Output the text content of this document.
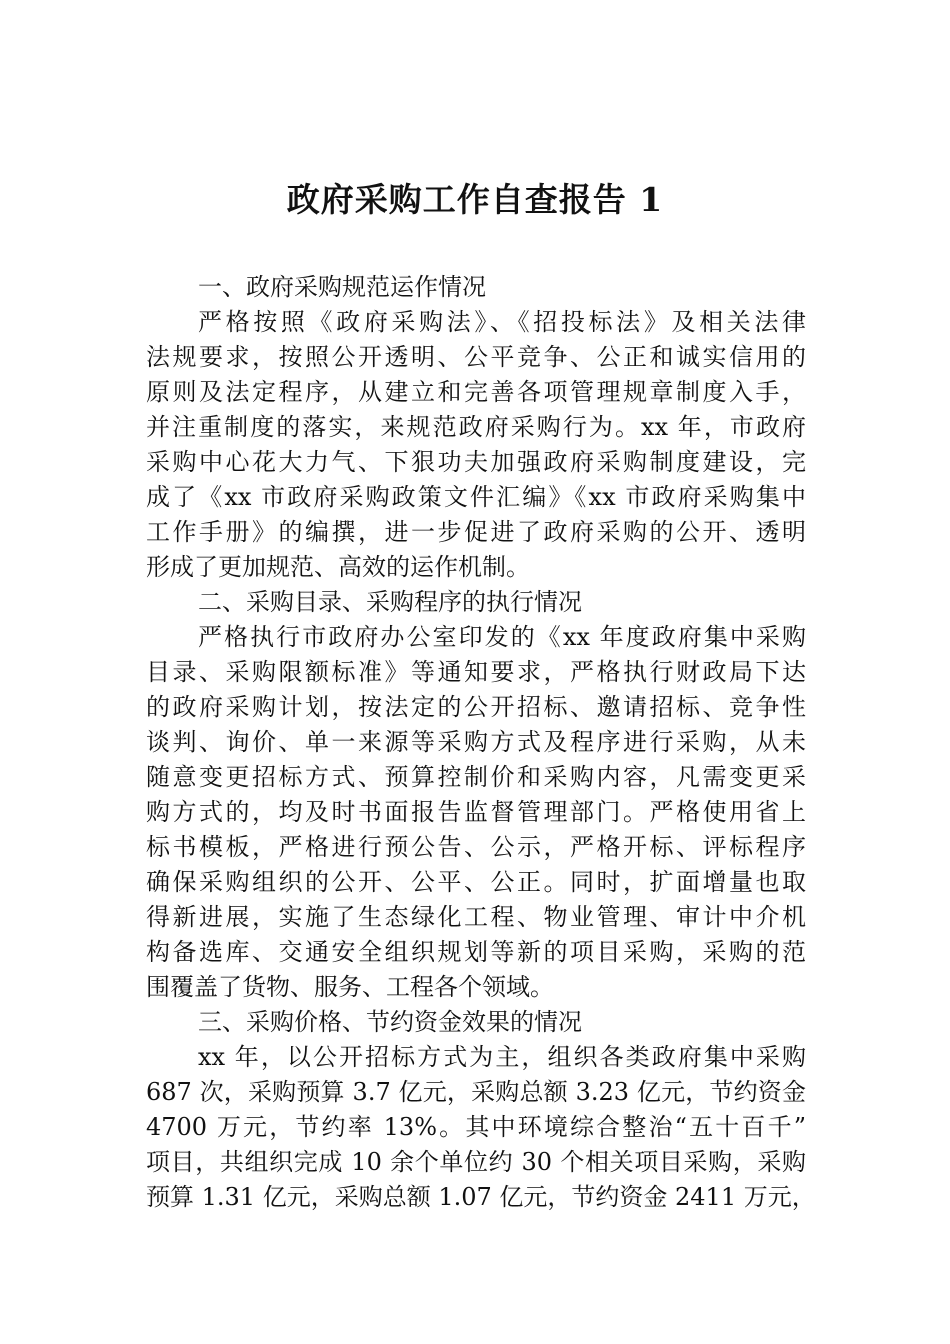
政府采购工作自查报告 1
一、政府采购规范运作情况
严格按照《政府采购法》、《招投标法》及相关法律
法规要求，按照公开透明、公平竞争、公正和诚实信用的
原则及法定程序，从建立和完善各项管理规章制度入手，
并注重制度的落实，来规范政府采购行为。xx 年，市政府
采购中心花大力气、下狠功夫加强政府采购制度建设，完
成了《xx 市政府采购政策文件汇编》《xx 市政府采购集中
工作手册》的编撰，进一步促进了政府采购的公开、透明
形成了更加规范、高效的运作机制。
二、采购目录、采购程序的执行情况
严格执行市政府办公室印发的《xx 年度政府集中采购
目录、采购限额标准》等通知要求，严格执行财政局下达
的政府采购计划，按法定的公开招标、邀请招标、竞争性
谈判、询价、单一来源等采购方式及程序进行采购，从未
随意变更招标方式、预算控制价和采购内容，凡需变更采
购方式的，均及时书面报告监督管理部门。严格使用省上
标书模板，严格进行预公告、公示，严格开标、评标程序
确保采购组织的公开、公平、公正。同时，扩面增量也取
得新进展，实施了生态绿化工程、物业管理、审计中介机
构备选库、交通安全组织规划等新的项目采购，采购的范
围覆盖了货物、服务、工程各个领域。
三、采购价格、节约资金效果的情况
xx 年，以公开招标方式为主，组织各类政府集中采购
687 次，采购预算 3.7 亿元，采购总额 3.23 亿元，节约资金
4700 万元，节约率 13%。其中环境综合整治“五十百千”
项目，共组织完成 10 余个单位约 30 个相关项目采购，采购
预算 1.31 亿元，采购总额 1.07 亿元，节约资金 2411 万元，
